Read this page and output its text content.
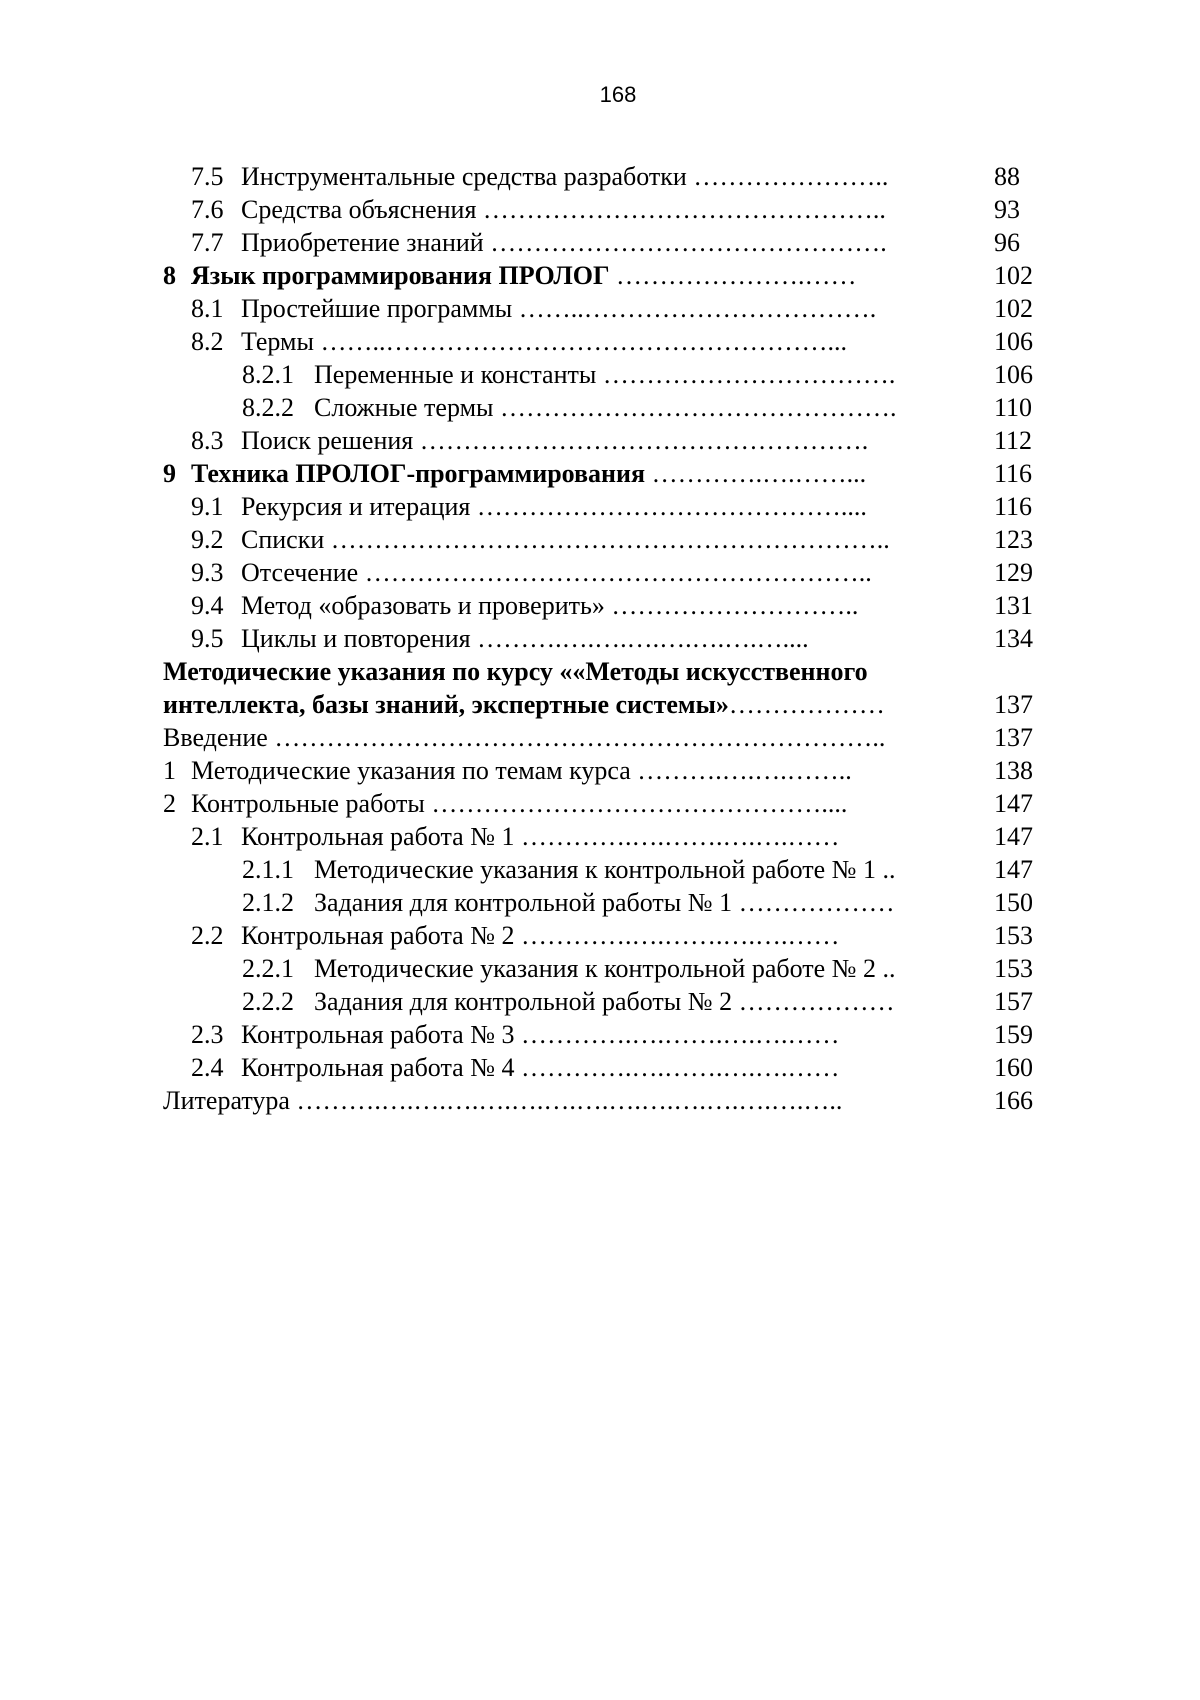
168
7.5 Инструментальные средства разработки …………………..	88
7.6 Средства объяснения ………………………………………..	93
7.7 Приобретение знаний ……………………………………….	96
8 Язык программирования ПРОЛОГ ………………….……	102
8.1 Простейшие программы ……..…………………………….	102
8.2 Термы ……..……………………………………………...	106
8.2.1 Переменные и константы …………………………….	106
8.2.2 Сложные термы ……………………………………….	110
8.3 Поиск решения …………………………………………….	112
9 Техника ПРОЛОГ-программирования ………….….……...	116
9.1 Рекурсия и итерация ……………………………………....	116
9.2 Списки ………………………………………………………..	123
9.3 Отсечение …………………………………………………..	129
9.4 Метод «образовать и проверить» ………………………..	131
9.5 Циклы и повторения ……….….….….….….….…....	134
Методические указания по курсу ««Методы искусственного
интеллекта, базы знаний, экспертные системы»………………	137
Введение ……………………………………………………………..	137
1 Методические указания по темам курса ……….….….……..	138
2 Контрольные работы ………………………………………....	147
2.1 Контрольная работа № 1 ………….….…….….….……	147
2.1.1 Методические указания к контрольной работе № 1 ..	147
2.1.2 Задания для контрольной работы № 1 ………………	150
2.2 Контрольная работа № 2 ………….….…….….….……	153
2.2.1 Методические указания к контрольной работе № 2 ..	153
2.2.2 Задания для контрольной работы № 2 ………………	157
2.3 Контрольная работа № 3 ………….….…….….….……	159
2.4 Контрольная работа № 4 ………….….…….….….……	160
Литература ……….….….….….….….….….….….….….….…..	166
